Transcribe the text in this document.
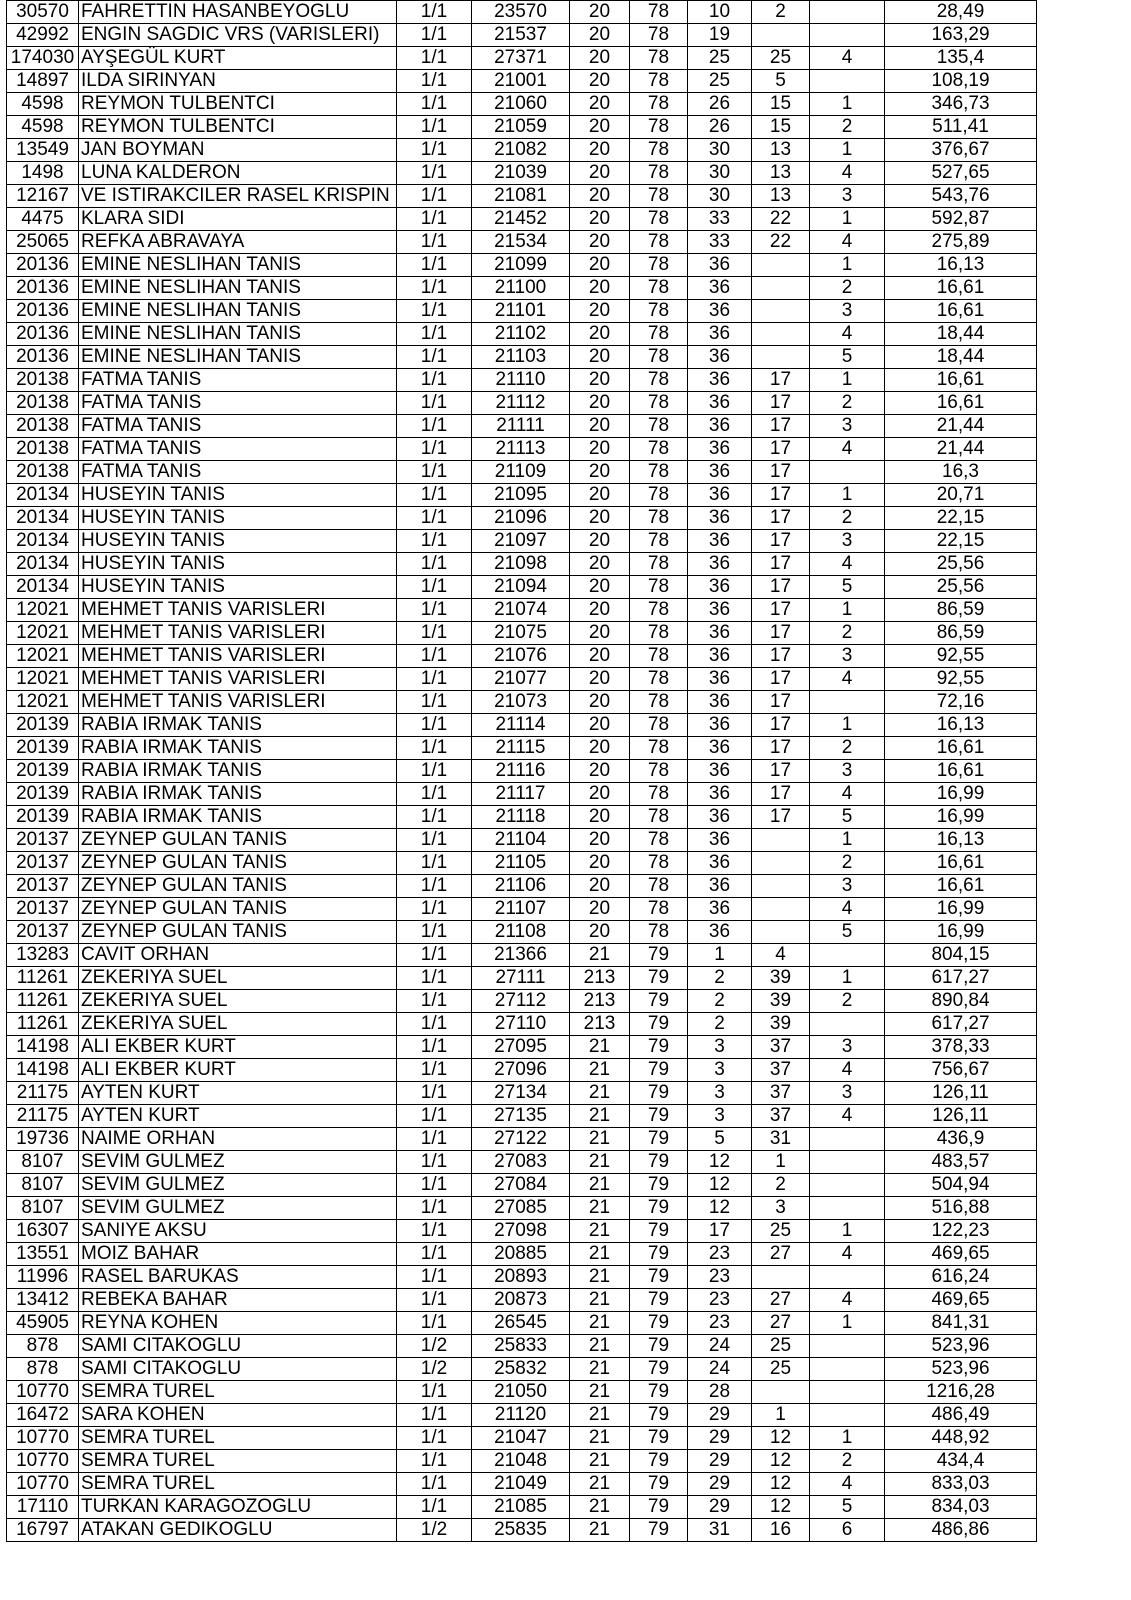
30570	FAHRETTIN HASANBEYOGLU	1/1	23570	20	78	10	2		28,49
42992	ENGIN SAGDIC VRS (VARISLERI)	1/1	21537	20	78	19			163,29
174030	AYŞEGÜL KURT	1/1	27371	20	78	25	25	4	135,4
14897	ILDA SIRINYAN	1/1	21001	20	78	25	5		108,19
4598	REYMON TULBENTCI	1/1	21060	20	78	26	15	1	346,73
4598	REYMON TULBENTCI	1/1	21059	20	78	26	15	2	511,41
13549	JAN BOYMAN	1/1	21082	20	78	30	13	1	376,67
1498	LUNA KALDERON	1/1	21039	20	78	30	13	4	527,65
12167	VE ISTIRAKCILER RASEL KRISPIN	1/1	21081	20	78	30	13	3	543,76
4475	KLARA SIDI	1/1	21452	20	78	33	22	1	592,87
25065	REFKA ABRAVAYA	1/1	21534	20	78	33	22	4	275,89
20136	EMINE NESLIHAN TANIS	1/1	21099	20	78	36		1	16,13
20136	EMINE NESLIHAN TANIS	1/1	21100	20	78	36		2	16,61
20136	EMINE NESLIHAN TANIS	1/1	21101	20	78	36		3	16,61
20136	EMINE NESLIHAN TANIS	1/1	21102	20	78	36		4	18,44
20136	EMINE NESLIHAN TANIS	1/1	21103	20	78	36		5	18,44
20138	FATMA TANIS	1/1	21110	20	78	36	17	1	16,61
20138	FATMA TANIS	1/1	21112	20	78	36	17	2	16,61
20138	FATMA TANIS	1/1	21111	20	78	36	17	3	21,44
20138	FATMA TANIS	1/1	21113	20	78	36	17	4	21,44
20138	FATMA TANIS	1/1	21109	20	78	36	17		16,3
20134	HUSEYIN TANIS	1/1	21095	20	78	36	17	1	20,71
20134	HUSEYIN TANIS	1/1	21096	20	78	36	17	2	22,15
20134	HUSEYIN TANIS	1/1	21097	20	78	36	17	3	22,15
20134	HUSEYIN TANIS	1/1	21098	20	78	36	17	4	25,56
20134	HUSEYIN TANIS	1/1	21094	20	78	36	17	5	25,56
12021	MEHMET TANIS VARISLERI	1/1	21074	20	78	36	17	1	86,59
12021	MEHMET TANIS VARISLERI	1/1	21075	20	78	36	17	2	86,59
12021	MEHMET TANIS VARISLERI	1/1	21076	20	78	36	17	3	92,55
12021	MEHMET TANIS VARISLERI	1/1	21077	20	78	36	17	4	92,55
12021	MEHMET TANIS VARISLERI	1/1	21073	20	78	36	17		72,16
20139	RABIA IRMAK TANIS	1/1	21114	20	78	36	17	1	16,13
20139	RABIA IRMAK TANIS	1/1	21115	20	78	36	17	2	16,61
20139	RABIA IRMAK TANIS	1/1	21116	20	78	36	17	3	16,61
20139	RABIA IRMAK TANIS	1/1	21117	20	78	36	17	4	16,99
20139	RABIA IRMAK TANIS	1/1	21118	20	78	36	17	5	16,99
20137	ZEYNEP GULAN TANIS	1/1	21104	20	78	36		1	16,13
20137	ZEYNEP GULAN TANIS	1/1	21105	20	78	36		2	16,61
20137	ZEYNEP GULAN TANIS	1/1	21106	20	78	36		3	16,61
20137	ZEYNEP GULAN TANIS	1/1	21107	20	78	36		4	16,99
20137	ZEYNEP GULAN TANIS	1/1	21108	20	78	36		5	16,99
13283	CAVIT ORHAN	1/1	21366	21	79	1	4		804,15
11261	ZEKERIYA SUEL	1/1	27111	213	79	2	39	1	617,27
11261	ZEKERIYA SUEL	1/1	27112	213	79	2	39	2	890,84
11261	ZEKERIYA SUEL	1/1	27110	213	79	2	39		617,27
14198	ALI EKBER KURT	1/1	27095	21	79	3	37	3	378,33
14198	ALI EKBER KURT	1/1	27096	21	79	3	37	4	756,67
21175	AYTEN KURT	1/1	27134	21	79	3	37	3	126,11
21175	AYTEN KURT	1/1	27135	21	79	3	37	4	126,11
19736	NAIME ORHAN	1/1	27122	21	79	5	31		436,9
8107	SEVIM GULMEZ	1/1	27083	21	79	12	1		483,57
8107	SEVIM GULMEZ	1/1	27084	21	79	12	2		504,94
8107	SEVIM GULMEZ	1/1	27085	21	79	12	3		516,88
16307	SANIYE AKSU	1/1	27098	21	79	17	25	1	122,23
13551	MOIZ BAHAR	1/1	20885	21	79	23	27	4	469,65
11996	RASEL BARUKAS	1/1	20893	21	79	23			616,24
13412	REBEKA BAHAR	1/1	20873	21	79	23	27	4	469,65
45905	REYNA KOHEN	1/1	26545	21	79	23	27	1	841,31
878	SAMI CITAKOGLU	1/2	25833	21	79	24	25		523,96
878	SAMI CITAKOGLU	1/2	25832	21	79	24	25		523,96
10770	SEMRA TUREL	1/1	21050	21	79	28			1216,28
16472	SARA KOHEN	1/1	21120	21	79	29	1		486,49
10770	SEMRA TUREL	1/1	21047	21	79	29	12	1	448,92
10770	SEMRA TUREL	1/1	21048	21	79	29	12	2	434,4
10770	SEMRA TUREL	1/1	21049	21	79	29	12	4	833,03
17110	TURKAN KARAGOZOGLU	1/1	21085	21	79	29	12	5	834,03
16797	ATAKAN GEDIKOGLU	1/2	25835	21	79	31	16	6	486,86
